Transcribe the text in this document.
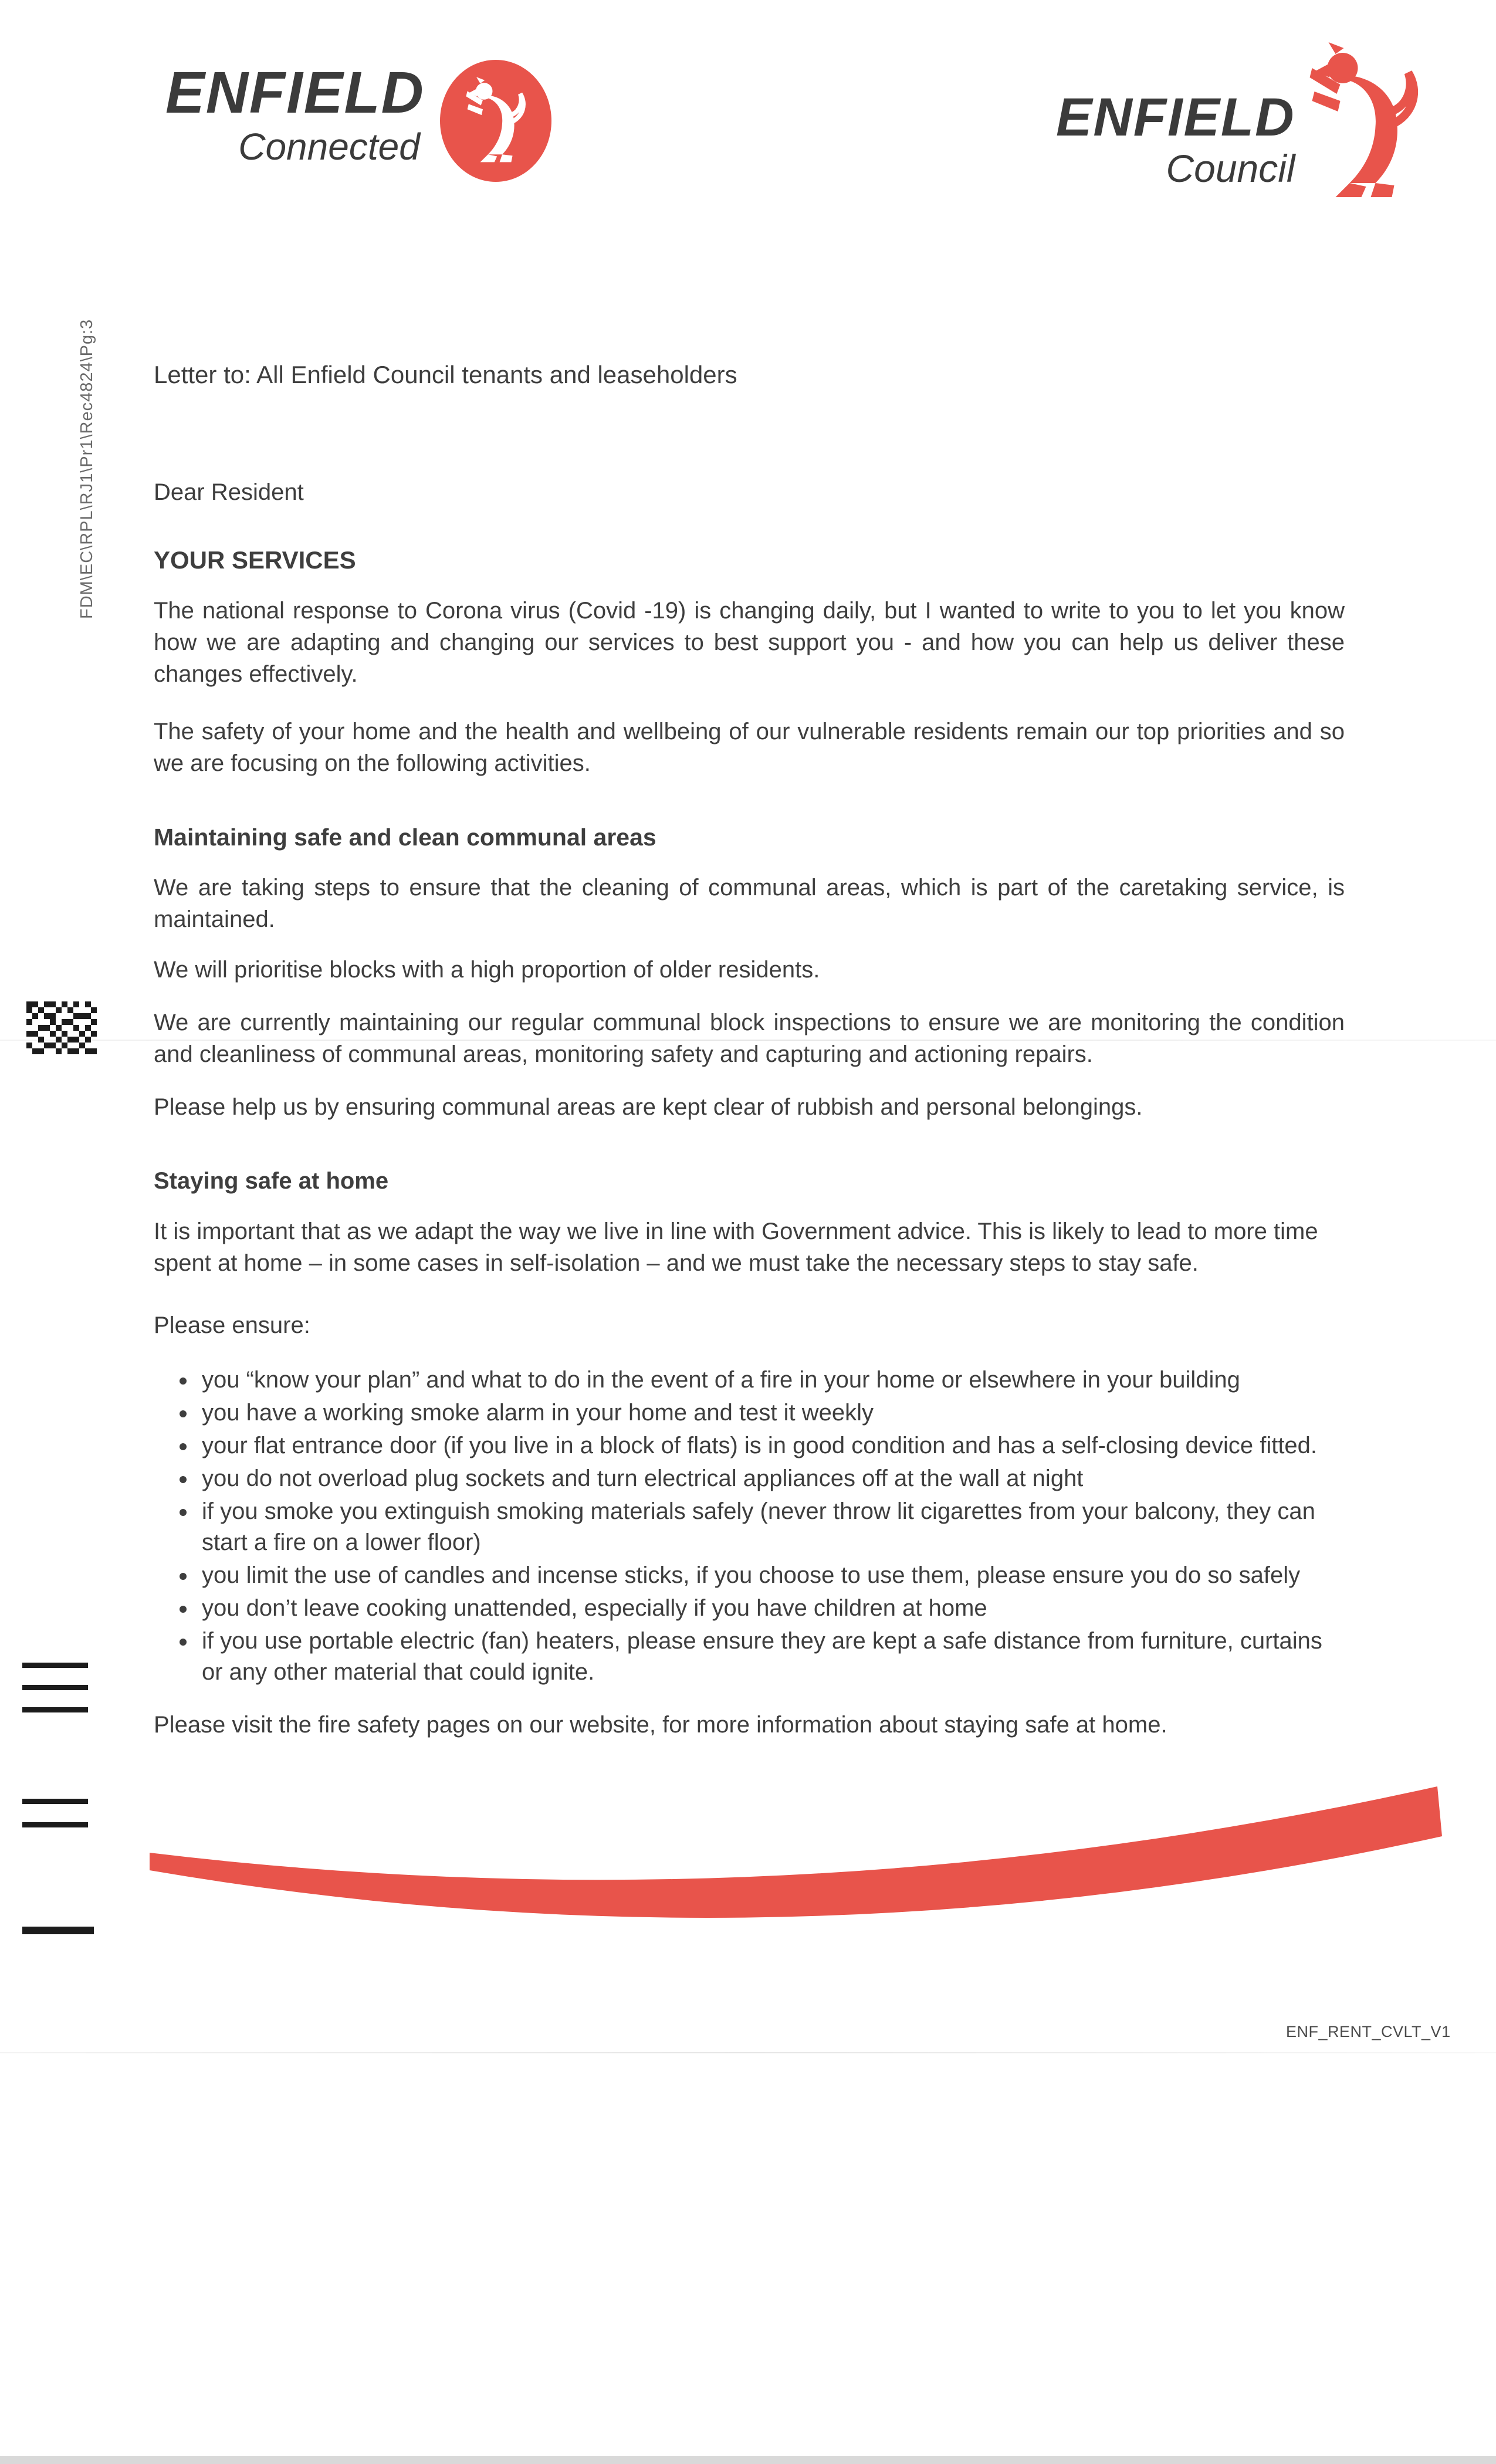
ENFIELD
Connected	ENFIELD
Council
FDM\EC\RPL\RJ1\Pr1\Rec4824\Pg:3 Letter to: All Enfield Council tenants and leaseholders

Dear Resident

YOUR SERVICES

The national response to Corona virus (Covid -19) is changing daily, but I wanted to write to you to let you know how we are adapting and changing our services to best support you - and how you can help us deliver these changes effectively.

The safety of your home and the health and wellbeing of our vulnerable residents remain our top priorities and so we are focusing on the following activities.

Maintaining safe and clean communal areas

We are taking steps to ensure that the cleaning of communal areas, which is part of the caretaking service, is maintained.

We will prioritise blocks with a high proportion of older residents.

We are currently maintaining our regular communal block inspections to ensure we are monitoring the condition and cleanliness of communal areas, monitoring safety and capturing and actioning repairs.

Please help us by ensuring communal areas are kept clear of rubbish and personal belongings.

Staying safe at home

It is important that as we adapt the way we live in line with Government advice. This is likely to lead to more time spent at home – in some cases in self-isolation – and we must take the necessary steps to stay safe.

Please ensure:

• you “know your plan” and what to do in the event of a fire in your home or elsewhere in your building
• you have a working smoke alarm in your home and test it weekly
• your flat entrance door (if you live in a block of flats) is in good condition and has a self-closing device fitted.
• you do not overload plug sockets and turn electrical appliances off at the wall at night
• if you smoke you extinguish smoking materials safely (never throw lit cigarettes from your balcony, they can start a fire on a lower floor)
• you limit the use of candles and incense sticks, if you choose to use them, please ensure you do so safely
• you don’t leave cooking unattended, especially if you have children at home
• if you use portable electric (fan) heaters, please ensure they are kept a safe distance from furniture, curtains or any other material that could ignite.

Please visit the fire safety pages on our website, for more information about staying safe at home.

ENF_RENT_CVLT_V1
